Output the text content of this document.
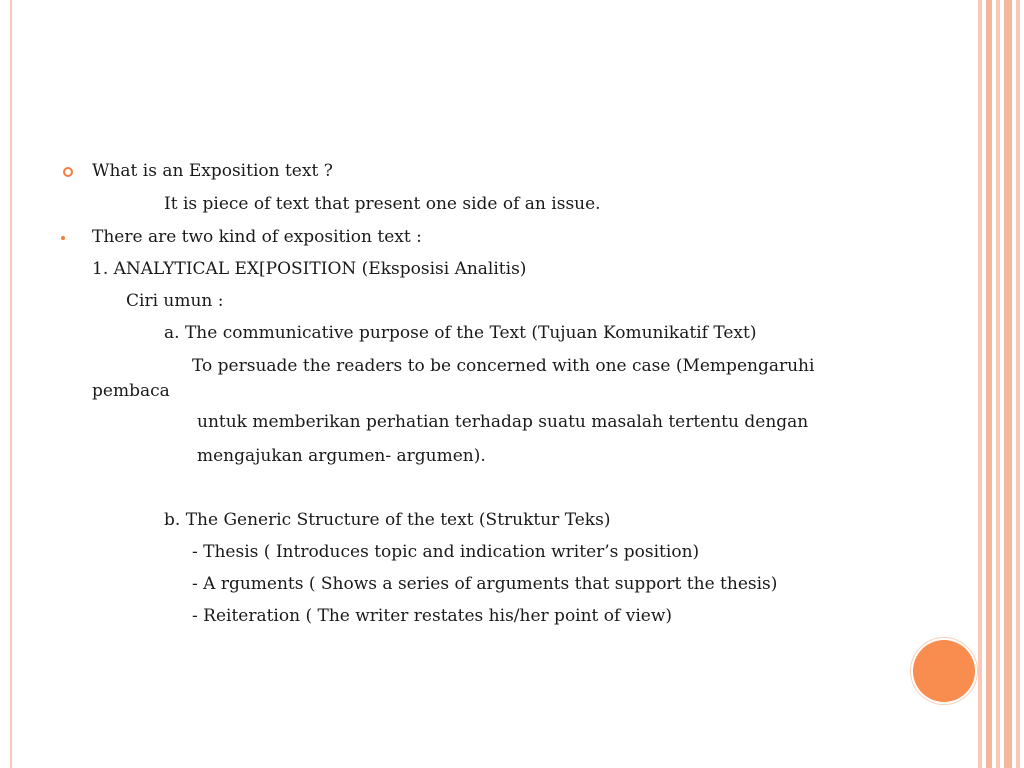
What is an Exposition text ?
It is piece of text that present one side of an issue.
There are two kind of exposition text :
1. ANALYTICAL EX[POSITION (Eksposisi Analitis)
Ciri umun :
a. The communicative purpose of the Text (Tujuan Komunikatif Text)
To persuade the readers to be concerned with one case (Mempengaruhi
pembaca
untuk memberikan perhatian terhadap suatu masalah tertentu dengan
mengajukan argumen- argumen).
b. The Generic Structure of the text (Struktur Teks)
- Thesis ( Introduces topic and indication writer’s position)
- A rguments ( Shows a series of arguments that support the thesis)
- Reiteration ( The writer restates his/her point of view)
